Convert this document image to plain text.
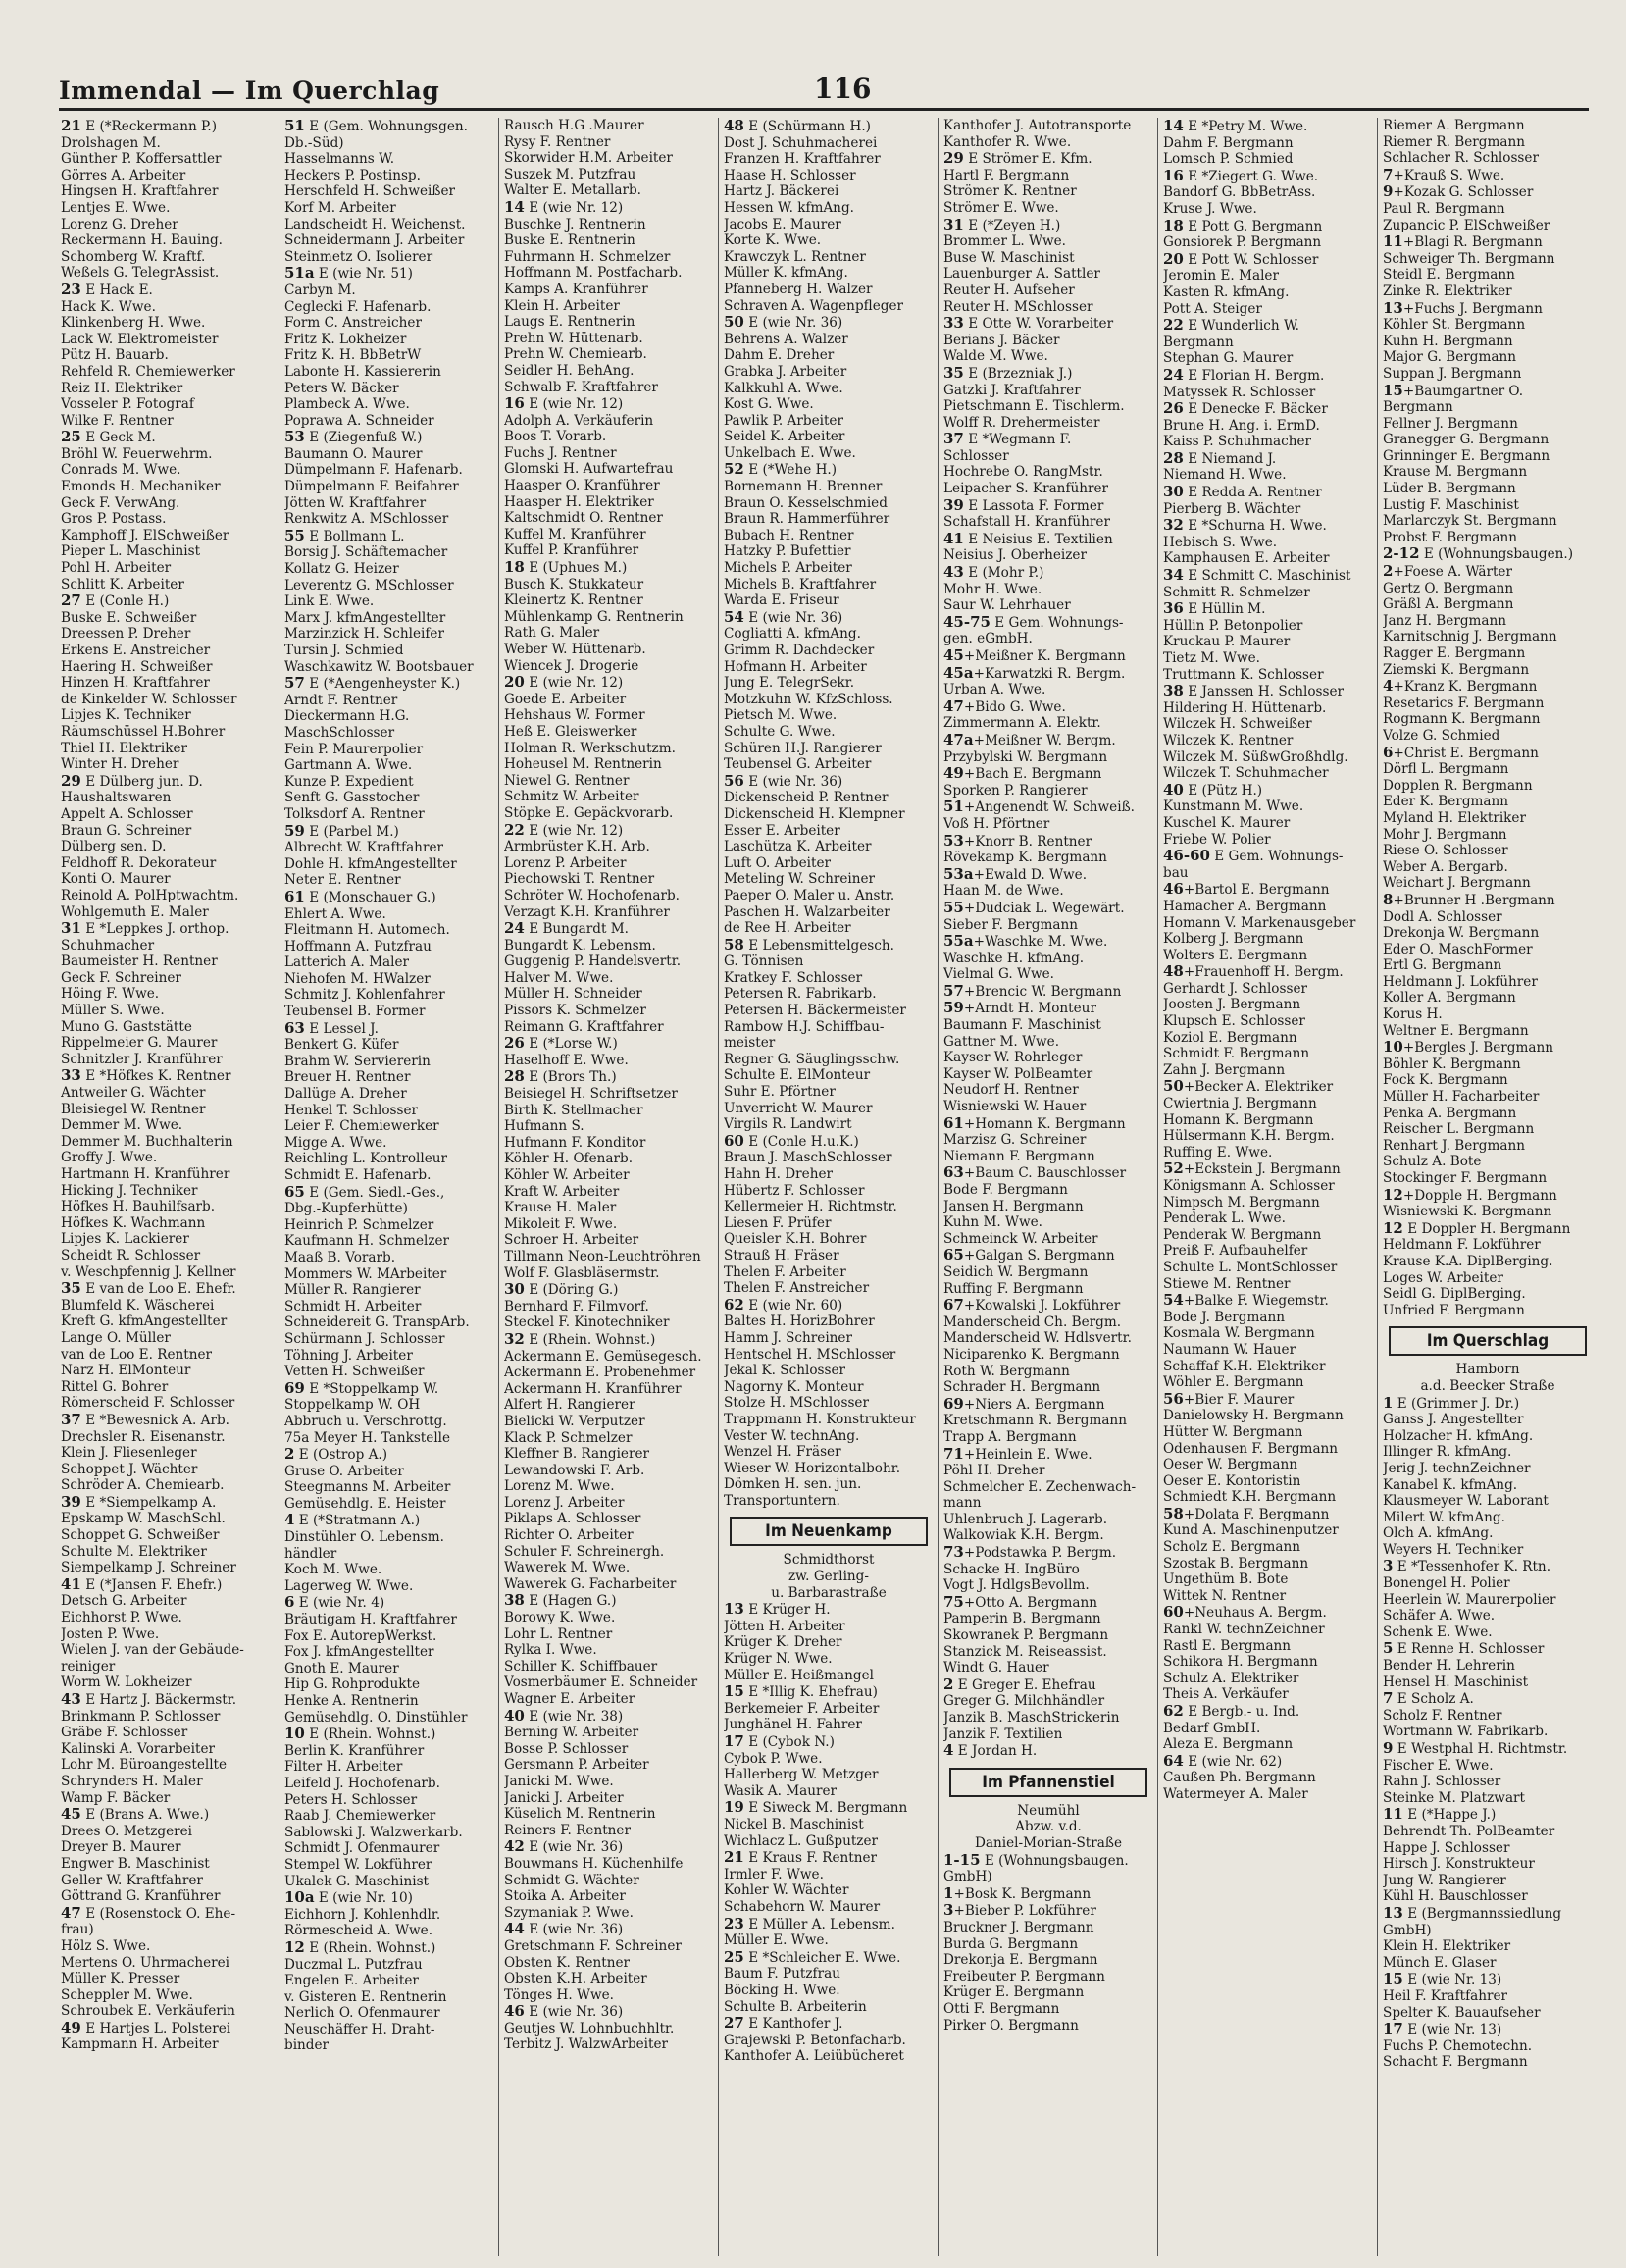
Immendal — Im Querchlag	116
21 E (*Reckermann P.)
Drolshagen M.
Günther P. Koffersattler
Görres A. Arbeiter
Hingsen H. Kraftfahrer
Lentjes E. Wwe.
Lorenz G. Dreher
Reckermann H. Bauing.
Schomberg W. Kraftf.
Weßels G. TelegrAssist.
23 E Hack E.
Hack K. Wwe.
Klinkenberg H. Wwe.
Lack W. Elektromeister
Pütz H. Bauarb.
Rehfeld R. Chemiewerker
Reiz H. Elektriker
Vosseler P. Fotograf
Wilke F. Rentner
25 E Geck M.
Bröhl W. Feuerwehrm.
Conrads M. Wwe.
Emonds H. Mechaniker
Geck F. VerwAng.
Gros P. Postass.
Kamphoff J. ElSchweißer
Pieper L. Maschinist
Pohl H. Arbeiter
Schlitt K. Arbeiter
27 E (Conle H.)
Buske E. Schweißer
Dreessen P. Dreher
Erkens E. Anstreicher
Haering H. Schweißer
Hinzen H. Kraftfahrer
de Kinkelder W. Schlosser
Lipjes K. Techniker
Räumschüssel H.Bohrer
Thiel H. Elektriker
Winter H. Dreher
29 E Dülberg jun. D.
Haushaltswaren
Appelt A. Schlosser
Braun G. Schreiner
Dülberg sen. D.
Feldhoff R. Dekorateur
Konti O. Maurer
Reinold A. PolHptwachtm.
Wohlgemuth E. Maler
31 E *Leppkes J. orthop.
Schuhmacher
Baumeister H. Rentner
Geck F. Schreiner
Höing F. Wwe.
Müller S. Wwe.
Muno G. Gaststätte
Rippelmeier G. Maurer
Schnitzler J. Kranführer
33 E *Höfkes K. Rentner
Antweiler G. Wächter
Bleisiegel W. Rentner
Demmer M. Wwe.
Demmer M. Buchhalterin
Groffy J. Wwe.
Hartmann H. Kranführer
Hicking J. Techniker
Höfkes H. Bauhilfsarb.
Höfkes K. Wachmann
Lipjes K. Lackierer
Scheidt R. Schlosser
v. Weschpfennig J. Kellner
35 E van de Loo E. Ehefr.
Blumfeld K. Wäscherei
Kreft G. kfmAngestellter
Lange O. Müller
van de Loo E. Rentner
Narz H. ElMonteur
Rittel G. Bohrer
Römerscheid F. Schlosser
37 E *Bewesnick A. Arb.
Drechsler R. Eisenanstr.
Klein J. Fliesenleger
Schoppet J. Wächter
Schröder A. Chemiearb.
39 E *Siempelkamp A.
Epskamp W. MaschSchl.
Schoppet G. Schweißer
Schulte M. Elektriker
Siempelkamp J. Schreiner
41 E (*Jansen F. Ehefr.)
Detsch G. Arbeiter
Eichhorst P. Wwe.
Josten P. Wwe.
Wielen J. van der Gebäude-
reiniger
Worm W. Lokheizer
43 E Hartz J. Bäckermstr.
Brinkmann P. Schlosser
Gräbe F. Schlosser
Kalinski A. Vorarbeiter
Lohr M. Büroangestellte
Schrynders H. Maler
Wamp F. Bäcker
45 E (Brans A. Wwe.)
Drees O. Metzgerei
Dreyer B. Maurer
Engwer B. Maschinist
Geller W. Kraftfahrer
Göttrand G. Kranführer
47 E (Rosenstock O. Ehe-
frau)
Hölz S. Wwe.
Mertens O. Uhrmacherei
Müller K. Presser
Scheppler M. Wwe.
Schroubek E. Verkäuferin
49 E Hartjes L. Polsterei
Kampmann H. Arbeiter
51 E (Gem. Wohnungsgen.
Db.-Süd)
Hasselmanns W.
Heckers P. Postinsp.
Herschfeld H. Schweißer
Korf M. Arbeiter
Landscheidt H. Weichenst.
Schneidermann J. Arbeiter
Steinmetz O. Isolierer
51a E (wie Nr. 51)
Carbyn M.
Ceglecki F. Hafenarb.
Form C. Anstreicher
Fritz K. Lokheizer
Fritz K. H. BbBetrW
Labonte H. Kassiererin
Peters W. Bäcker
Plambeck A. Wwe.
Poprawa A. Schneider
53 E (Ziegenfuß W.)
Baumann O. Maurer
Dümpelmann F. Hafenarb.
Dümpelmann F. Beifahrer
Jötten W. Kraftfahrer
Renkwitz A. MSchlosser
55 E Bollmann L.
Borsig J. Schäftemacher
Kollatz G. Heizer
Leverentz G. MSchlosser
Link E. Wwe.
Marx J. kfmAngestellter
Marzinzick H. Schleifer
Tursin J. Schmied
Waschkawitz W. Bootsbauer
57 E (*Aengenheyster K.)
Arndt F. Rentner
Dieckermann H.G.
MaschSchlosser
Fein P. Maurerpolier
Gartmann A. Wwe.
Kunze P. Expedient
Senft G. Gasstocher
Tolksdorf A. Rentner
59 E (Parbel M.)
Albrecht W. Kraftfahrer
Dohle H. kfmAngestellter
Neter E. Rentner
61 E (Monschauer G.)
Ehlert A. Wwe.
Fleitmann H. Automech.
Hoffmann A. Putzfrau
Latterich A. Maler
Niehofen M. HWalzer
Schmitz J. Kohlenfahrer
Teubensel B. Former
63 E Lessel J.
Benkert G. Küfer
Brahm W. Serviererin
Breuer H. Rentner
Dallüge A. Dreher
Henkel T. Schlosser
Leier F. Chemiewerker
Migge A. Wwe.
Reichling L. Kontrolleur
Schmidt E. Hafenarb.
65 E (Gem. Siedl.-Ges.,
Dbg.-Kupferhütte)
Heinrich P. Schmelzer
Kaufmann H. Schmelzer
Maaß B. Vorarb.
Mommers W. MArbeiter
Müller R. Rangierer
Schmidt H. Arbeiter
Schneidereit G. TranspArb.
Schürmann J. Schlosser
Töhning J. Arbeiter
Vetten H. Schweißer
69 E *Stoppelkamp W.
Stoppelkamp W. OH
Abbruch u. Verschrottg.
75a Meyer H. Tankstelle
2 E (Ostrop A.)
Gruse O. Arbeiter
Steegmanns M. Arbeiter
Gemüsehdlg. E. Heister
4 E (*Stratmann A.)
Dinstühler O. Lebensm.
händler
Koch M. Wwe.
Lagerweg W. Wwe.
6 E (wie Nr. 4)
Bräutigam H. Kraftfahrer
Fox E. AutorepWerkst.
Fox J. kfmAngestellter
Gnoth E. Maurer
Hip G. Rohprodukte
Henke A. Rentnerin
Gemüsehdlg. O. Dinstühler
10 E (Rhein. Wohnst.)
Berlin K. Kranführer
Filter H. Arbeiter
Leifeld J. Hochofenarb.
Peters H. Schlosser
Raab J. Chemiewerker
Sablowski J. Walzwerkarb.
Schmidt J. Ofenmaurer
Stempel W. Lokführer
Ukalek G. Maschinist
10a E (wie Nr. 10)
Eichhorn J. Kohlenhdlr.
Rörmescheid A. Wwe.
12 E (Rhein. Wohnst.)
Duczmal L. Putzfrau
Engelen E. Arbeiter
v. Gisteren E. Rentnerin
Nerlich O. Ofenmaurer
Neuschäffer H. Draht-
binder
Rausch H.G .Maurer
Rysy F. Rentner
Skorwider H.M. Arbeiter
Suszek M. Putzfrau
Walter E. Metallarb.
14 E (wie Nr. 12)
Buschke J. Rentnerin
Buske E. Rentnerin
Fuhrmann H. Schmelzer
Hoffmann M. Postfacharb.
Kamps A. Kranführer
Klein H. Arbeiter
Laugs E. Rentnerin
Prehn W. Hüttenarb.
Prehn W. Chemiearb.
Seidler H. BehAng.
Schwalb F. Kraftfahrer
16 E (wie Nr. 12)
Adolph A. Verkäuferin
Boos T. Vorarb.
Fuchs J. Rentner
Glomski H. Aufwartefrau
Haasper O. Kranführer
Haasper H. Elektriker
Kaltschmidt O. Rentner
Kuffel M. Kranführer
Kuffel P. Kranführer
18 E (Uphues M.)
Busch K. Stukkateur
Kleinertz K. Rentner
Mühlenkamp G. Rentnerin
Rath G. Maler
Weber W. Hüttenarb.
Wiencek J. Drogerie
20 E (wie Nr. 12)
Goede E. Arbeiter
Hehshaus W. Former
Heß E. Gleiswerker
Holman R. Werkschutzm.
Hoheusel M. Rentnerin
Niewel G. Rentner
Schmitz W. Arbeiter
Stöpke E. Gepäckvorarb.
22 E (wie Nr. 12)
Armbrüster K.H. Arb.
Lorenz P. Arbeiter
Piechowski T. Rentner
Schröter W. Hochofenarb.
Verzagt K.H. Kranführer
24 E Bungardt M.
Bungardt K. Lebensm.
Guggenig P. Handelsvertr.
Halver M. Wwe.
Müller H. Schneider
Pissors K. Schmelzer
Reimann G. Kraftfahrer
26 E (*Lorse W.)
Haselhoff E. Wwe.
28 E (Brors Th.)
Beisiegel H. Schriftsetzer
Birth K. Stellmacher
Hufmann S.
Hufmann F. Konditor
Köhler H. Ofenarb.
Köhler W. Arbeiter
Kraft W. Arbeiter
Krause H. Maler
Mikoleit F. Wwe.
Schroer H. Arbeiter
Tillmann Neon-Leuchtröhren
Wolf F. Glasbläsermstr.
30 E (Döring G.)
Bernhard F. Filmvorf.
Steckel F. Kinotechniker
32 E (Rhein. Wohnst.)
Ackermann E. Gemüsegesch.
Ackermann E. Probenehmer
Ackermann H. Kranführer
Alfert H. Rangierer
Bielicki W. Verputzer
Klack P. Schmelzer
Kleffner B. Rangierer
Lewandowski F. Arb.
Lorenz M. Wwe.
Lorenz J. Arbeiter
Piklaps A. Schlosser
Richter O. Arbeiter
Schuler F. Schreinergh.
Wawerek M. Wwe.
Wawerek G. Facharbeiter
38 E (Hagen G.)
Borowy K. Wwe.
Lohr L. Rentner
Rylka I. Wwe.
Schiller K. Schiffbauer
Vosmerbäumer E. Schneider
Wagner E. Arbeiter
40 E (wie Nr. 38)
Berning W. Arbeiter
Bosse P. Schlosser
Gersmann P. Arbeiter
Janicki M. Wwe.
Janicki J. Arbeiter
Küselich M. Rentnerin
Reiners F. Rentner
42 E (wie Nr. 36)
Bouwmans H. Küchenhilfe
Schmidt G. Wächter
Stoika A. Arbeiter
Szymaniak P. Wwe.
44 E (wie Nr. 36)
Gretschmann F. Schreiner
Obsten K. Rentner
Obsten K.H. Arbeiter
Tönges H. Wwe.
46 E (wie Nr. 36)
Geutjes W. Lohnbuchhltr.
Terbitz J. WalzwArbeiter
48 E (Schürmann H.)
Dost J. Schuhmacherei
Franzen H. Kraftfahrer
Haase H. Schlosser
Hartz J. Bäckerei
Hessen W. kfmAng.
Jacobs E. Maurer
Korte K. Wwe.
Krawczyk L. Rentner
Müller K. kfmAng.
Pfanneberg H. Walzer
Schraven A. Wagenpfleger
50 E (wie Nr. 36)
Behrens A. Walzer
Dahm E. Dreher
Grabka J. Arbeiter
Kalkkuhl A. Wwe.
Kost G. Wwe.
Pawlik P. Arbeiter
Seidel K. Arbeiter
Unkelbach E. Wwe.
52 E (*Wehe H.)
Bornemann H. Brenner
Braun O. Kesselschmied
Braun R. Hammerführer
Bubach H. Rentner
Hatzky P. Bufettier
Michels P. Arbeiter
Michels B. Kraftfahrer
Warda E. Friseur
54 E (wie Nr. 36)
Cogliatti A. kfmAng.
Grimm R. Dachdecker
Hofmann H. Arbeiter
Jung E. TelegrSekr.
Motzkuhn W. KfzSchloss.
Pietsch M. Wwe.
Schulte G. Wwe.
Schüren H.J. Rangierer
Teubensel G. Arbeiter
56 E (wie Nr. 36)
Dickenscheid P. Rentner
Dickenscheid H. Klempner
Esser E. Arbeiter
Laschütza K. Arbeiter
Luft O. Arbeiter
Meteling W. Schreiner
Paeper O. Maler u. Anstr.
Paschen H. Walzarbeiter
de Ree H. Arbeiter
58 E Lebensmittelgesch.
G. Tönnisen
Kratkey F. Schlosser
Petersen R. Fabrikarb.
Petersen H. Bäckermeister
Rambow H.J. Schiffbau-
meister
Regner G. Säuglingsschw.
Schulte E. ElMonteur
Suhr E. Pförtner
Unverricht W. Maurer
Virgils R. Landwirt
60 E (Conle H.u.K.)
Braun J. MaschSchlosser
Hahn H. Dreher
Hübertz F. Schlosser
Kellermeier H. Richtmstr.
Liesen F. Prüfer
Queisler K.H. Bohrer
Strauß H. Fräser
Thelen F. Arbeiter
Thelen F. Anstreicher
62 E (wie Nr. 60)
Baltes H. HorizBohrer
Hamm J. Schreiner
Hentschel H. MSchlosser
Jekal K. Schlosser
Nagorny K. Monteur
Stolze H. MSchlosser
Trappmann H. Konstrukteur
Vester W. technAng.
Wenzel H. Fräser
Wieser W. Horizontalbohr.
Dömken H. sen. jun.
Transportuntern.
Im Neuenkamp
Schmidthorst
zw. Gerling-
u. Barbarastraße
13 E Krüger H.
Jötten H. Arbeiter
Krüger K. Dreher
Krüger N. Wwe.
Müller E. Heißmangel
15 E *Illig K. Ehefrau)
Berkemeier F. Arbeiter
Junghänel H. Fahrer
17 E (Cybok N.)
Cybok P. Wwe.
Hallerberg W. Metzger
Wasik A. Maurer
19 E Siweck M. Bergmann
Nickel B. Maschinist
Wichlacz L. Gußputzer
21 E Kraus F. Rentner
Irmler F. Wwe.
Kohler W. Wächter
Schabehorn W. Maurer
23 E Müller A. Lebensm.
Müller E. Wwe.
25 E *Schleicher E. Wwe.
Baum F. Putzfrau
Böcking H. Wwe.
Schulte B. Arbeiterin
27 E Kanthofer J.
Grajewski P. Betonfacharb.
Kanthofer A. Leiübücheret
Kanthofer J. Autotransporte
Kanthofer R. Wwe.
29 E Strömer E. Kfm.
Hartl F. Bergmann
Strömer K. Rentner
Strömer E. Wwe.
31 E (*Zeyen H.)
Brommer L. Wwe.
Buse W. Maschinist
Lauenburger A. Sattler
Reuter H. Aufseher
Reuter H. MSchlosser
33 E Otte W. Vorarbeiter
Berians J. Bäcker
Walde M. Wwe.
35 E (Brzezniak J.)
Gatzki J. Kraftfahrer
Pietschmann E. Tischlerm.
Wolff R. Drehermeister
37 E *Wegmann F.
Schlosser
Hochrebe O. RangMstr.
Leipacher S. Kranführer
39 E Lassota F. Former
Schafstall H. Kranführer
41 E Neisius E. Textilien
Neisius J. Oberheizer
43 E (Mohr P.)
Mohr H. Wwe.
Saur W. Lehrhauer
45-75 E Gem. Wohnungs-
gen. eGmbH.
45+Meißner K. Bergmann
45a+Karwatzki R. Bergm.
Urban A. Wwe.
47+Bido G. Wwe.
Zimmermann A. Elektr.
47a+Meißner W. Bergm.
Przybylski W. Bergmann
49+Bach E. Bergmann
Sporken P. Rangierer
51+Angenendt W. Schweiß.
Voß H. Pförtner
53+Knorr B. Rentner
Rövekamp K. Bergmann
53a+Ewald D. Wwe.
Haan M. de Wwe.
55+Dudciak L. Wegewärt.
Sieber F. Bergmann
55a+Waschke M. Wwe.
Waschke H. kfmAng.
Vielmal G. Wwe.
57+Brencic W. Bergmann
59+Arndt H. Monteur
Baumann F. Maschinist
Gattner M. Wwe.
Kayser W. Rohrleger
Kayser W. PolBeamter
Neudorf H. Rentner
Wisniewski W. Hauer
61+Homann K. Bergmann
Marzisz G. Schreiner
Niemann F. Bergmann
63+Baum C. Bauschlosser
Bode F. Bergmann
Jansen H. Bergmann
Kuhn M. Wwe.
Schmeinck W. Arbeiter
65+Galgan S. Bergmann
Seidich W. Bergmann
Ruffing F. Bergmann
67+Kowalski J. Lokführer
Manderscheid Ch. Bergm.
Manderscheid W. Hdlsvertr.
Niciparenko K. Bergmann
Roth W. Bergmann
Schrader H. Bergmann
69+Niers A. Bergmann
Kretschmann R. Bergmann
Trapp A. Bergmann
71+Heinlein E. Wwe.
Pöhl H. Dreher
Schmelcher E. Zechenwach-
mann
Uhlenbruch J. Lagerarb.
Walkowiak K.H. Bergm.
73+Podstawka P. Bergm.
Schacke H. IngBüro
Vogt J. HdlgsBevollm.
75+Otto A. Bergmann
Pamperin B. Bergmann
Skowranek P. Bergmann
Stanzick M. Reiseassist.
Windt G. Hauer
2 E Greger E. Ehefrau
Greger G. Milchhändler
Janzik B. MaschStrickerin
Janzik F. Textilien
4 E Jordan H.
Im Pfannenstiel
Neumühl
Abzw. v.d.
Daniel-Morian-Straße
1-15 E (Wohnungsbaugen.
GmbH)
1+Bosk K. Bergmann
3+Bieber P. Lokführer
Bruckner J. Bergmann
Burda G. Bergmann
Drekonja E. Bergmann
Freibeuter P. Bergmann
Krüger E. Bergmann
Otti F. Bergmann
Pirker O. Bergmann
14 E *Petry M. Wwe.
Dahm F. Bergmann
Lomsch P. Schmied
16 E *Ziegert G. Wwe.
Bandorf G. BbBetrAss.
Kruse J. Wwe.
18 E Pott G. Bergmann
Gonsiorek P. Bergmann
20 E Pott W. Schlosser
Jeromin E. Maler
Kasten R. kfmAng.
Pott A. Steiger
22 E Wunderlich W.
Bergmann
Stephan G. Maurer
24 E Florian H. Bergm.
Matyssek R. Schlosser
26 E Denecke F. Bäcker
Brune H. Ang. i. ErmD.
Kaiss P. Schuhmacher
28 E Niemand J.
Niemand H. Wwe.
30 E Redda A. Rentner
Pierberg B. Wächter
32 E *Schurna H. Wwe.
Hebisch S. Wwe.
Kamphausen E. Arbeiter
34 E Schmitt C. Maschinist
Schmitt R. Schmelzer
36 E Hüllin M.
Hüllin P. Betonpolier
Kruckau P. Maurer
Tietz M. Wwe.
Truttmann K. Schlosser
38 E Janssen H. Schlosser
Hildering H. Hüttenarb.
Wilczek H. Schweißer
Wilczek K. Rentner
Wilczek M. SüßwGroßhdlg.
Wilczek T. Schuhmacher
40 E (Pütz H.)
Kunstmann M. Wwe.
Kuschel K. Maurer
Friebe W. Polier
46-60 E Gem. Wohnungs-
bau
46+Bartol E. Bergmann
Hamacher A. Bergmann
Homann V. Markenausgeber
Kolberg J. Bergmann
Wolters E. Bergmann
48+Frauenhoff H. Bergm.
Gerhardt J. Schlosser
Joosten J. Bergmann
Klupsch E. Schlosser
Koziol E. Bergmann
Schmidt F. Bergmann
Zahn J. Bergmann
50+Becker A. Elektriker
Cwiertnia J. Bergmann
Homann K. Bergmann
Hülsermann K.H. Bergm.
Ruffing E. Wwe.
52+Eckstein J. Bergmann
Königsmann A. Schlosser
Nimpsch M. Bergmann
Penderak L. Wwe.
Penderak W. Bergmann
Preiß F. Aufbauhelfer
Schulte L. MontSchlosser
Stiewe M. Rentner
54+Balke F. Wiegemstr.
Bode J. Bergmann
Kosmala W. Bergmann
Naumann W. Hauer
Schaffaf K.H. Elektriker
Wöhler E. Bergmann
56+Bier F. Maurer
Danielowsky H. Bergmann
Hütter W. Bergmann
Odenhausen F. Bergmann
Oeser W. Bergmann
Oeser E. Kontoristin
Schmiedt K.H. Bergmann
58+Dolata F. Bergmann
Kund A. Maschinenputzer
Scholz E. Bergmann
Szostak B. Bergmann
Ungethüm B. Bote
Wittek N. Rentner
60+Neuhaus A. Bergm.
Rankl W. technZeichner
Rastl E. Bergmann
Schikora H. Bergmann
Schulz A. Elektriker
Theis A. Verkäufer
62 E Bergb.- u. Ind.
Bedarf GmbH.
Aleza E. Bergmann
64 E (wie Nr. 62)
Caußen Ph. Bergmann
Watermeyer A. Maler
Riemer A. Bergmann
Riemer R. Bergmann
Schlacher R. Schlosser
7+Krauß S. Wwe.
9+Kozak G. Schlosser
Paul R. Bergmann
Zupancic P. ElSchweißer
11+Blagi R. Bergmann
Schweiger Th. Bergmann
Steidl E. Bergmann
Zinke R. Elektriker
13+Fuchs J. Bergmann
Köhler St. Bergmann
Kuhn H. Bergmann
Major G. Bergmann
Suppan J. Bergmann
15+Baumgartner O.
Bergmann
Fellner J. Bergmann
Granegger G. Bergmann
Grinninger E. Bergmann
Krause M. Bergmann
Lüder B. Bergmann
Lustig F. Maschinist
Marlarczyk St. Bergmann
Probst F. Bergmann
2-12 E (Wohnungsbaugen.)
2+Foese A. Wärter
Gertz O. Bergmann
Gräßl A. Bergmann
Janz H. Bergmann
Karnitschnig J. Bergmann
Ragger E. Bergmann
Ziemski K. Bergmann
4+Kranz K. Bergmann
Resetarics F. Bergmann
Rogmann K. Bergmann
Volze G. Schmied
6+Christ E. Bergmann
Dörfl L. Bergmann
Dopplen R. Bergmann
Eder K. Bergmann
Myland H. Elektriker
Mohr J. Bergmann
Riese O. Schlosser
Weber A. Bergarb.
Weichart J. Bergmann
8+Brunner H .Bergmann
Dodl A. Schlosser
Drekonja W. Bergmann
Eder O. MaschFormer
Ertl G. Bergmann
Heldmann J. Lokführer
Koller A. Bergmann
Korus H.
Weltner E. Bergmann
10+Bergles J. Bergmann
Böhler K. Bergmann
Fock K. Bergmann
Müller H. Facharbeiter
Penka A. Bergmann
Reischer L. Bergmann
Renhart J. Bergmann
Schulz A. Bote
Stockinger F. Bergmann
12+Dopple H. Bergmann
Wisniewski K. Bergmann
12 E Doppler H. Bergmann
Heldmann F. Lokführer
Krause K.A. DiplBerging.
Loges W. Arbeiter
Seidl G. DiplBerging.
Unfried F. Bergmann
Im Querschlag
Hamborn
a.d. Beecker Straße
1 E (Grimmer J. Dr.)
Ganss J. Angestellter
Holzacher H. kfmAng.
Illinger R. kfmAng.
Jerig J. technZeichner
Kanabel K. kfmAng.
Klausmeyer W. Laborant
Milert W. kfmAng.
Olch A. kfmAng.
Weyers H. Techniker
3 E *Tessenhofer K. Rtn.
Bonengel H. Polier
Heerlein W. Maurerpolier
Schäfer A. Wwe.
Schenk E. Wwe.
5 E Renne H. Schlosser
Bender H. Lehrerin
Hensel H. Maschinist
7 E Scholz A.
Scholz F. Rentner
Wortmann W. Fabrikarb.
9 E Westphal H. Richtmstr.
Fischer E. Wwe.
Rahn J. Schlosser
Steinke M. Platzwart
11 E (*Happe J.)
Behrendt Th. PolBeamter
Happe J. Schlosser
Hirsch J. Konstrukteur
Jung W. Rangierer
Kühl H. Bauschlosser
13 E (Bergmannssiedlung
GmbH)
Klein H. Elektriker
Münch E. Glaser
15 E (wie Nr. 13)
Heil F. Kraftfahrer
Spelter K. Bauaufseher
17 E (wie Nr. 13)
Fuchs P. Chemotechn.
Schacht F. Bergmann
